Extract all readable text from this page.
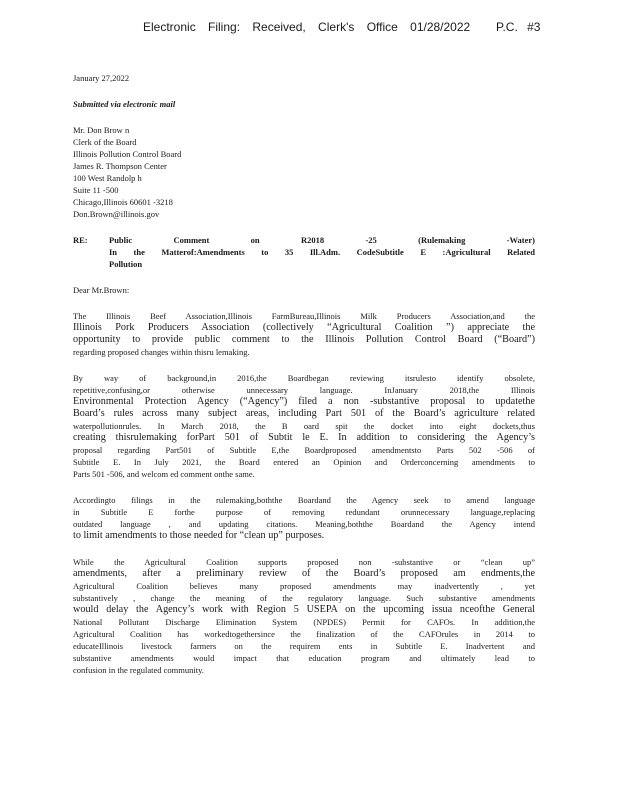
Electronic Filing: Received, Clerk's Office 01/28/2022 P.C. #3
January 27,2022
Submitted via electronic mail
Mr. Don Brow n
Clerk of the Board
Illinois Pollution Control Board
James R. Thompson Center
100 West Randolp h
Suite 11 -500
Chicago,Illinois 60601 -3218
Don.Brown@illinois.gov
RE:	Public Comment on R2018 -25 (Rulemaking -Water)
In the Matterof:Amendments to 35 Ill.Adm. CodeSubtitle E :Agricultural Related
Pollution
Dear Mr.Brown:
The Illinois Beef Association,Illinois FarmBureau,Illinois Milk Producers Association,and the
Illinois Pork Producers Association (collectively “Agricultural Coalition ”) appreciate the
opportunity to provide public comment to the Illinois Pollution Control Board (“Board”)
regarding proposed changes within thisru lemaking.
By way of background,in 2016,the Boardbegan reviewing itsrulesto identify obsolete,
repetitive,confusing,or otherwise unnecessary language. InJanuary 2018,the Illinois
Environmental Protection Agency (“Agency”) filed a non -substantive proposal to updatethe
Board’s rules across many subject areas, including Part 501 of the Board’s agriculture related
waterpollutionrules. In March 2018, the B oard spit the docket into eight dockets,thus
creating thisrulemaking forPart 501 of Subtit le E. In addition to considering the Agency’s
proposal regarding Part501 of Subtitle E,the Boardproposed amendmentsto Parts 502 -506 of
Subtitle E. In July 2021, the Board entered an Opinion and Orderconcerning amendments to
Parts 501 -506, and welcom ed comment onthe same.
Accordingto filings in the rulemaking,boththe Boardand the Agency seek to amend language
in Subtitle E forthe purpose of removing redundant orunnecessary language,replacing
outdated language , and updating citations. Meaning,boththe Boardand the Agency intend
to limit amendments to those needed for “clean up” purposes.
While the Agricultural Coalition supports proposed non -substantive or “clean up”
amendments, after a preliminary review of the Board’s proposed am endments,the
Agricultural Coalition believes many proposed amendments may inadvertently , yet
substantively , change the meaning of the regulatory language. Such substantive amendments
would delay the Agency’s work with Region 5 USEPA on the upcoming issua nceofthe General
National Pollutant Discharge Elimination System (NPDES) Permit for CAFOs. In addition,the
Agricultural Coalition has workedtogethersince the finalization of the CAFOrules in 2014 to
educateIllinois livestock farmers on the requirem ents in Subtitle E. Inadvertent and
substantive amendments would impact that education program and ultimately lead to
confusion in the regulated community.
